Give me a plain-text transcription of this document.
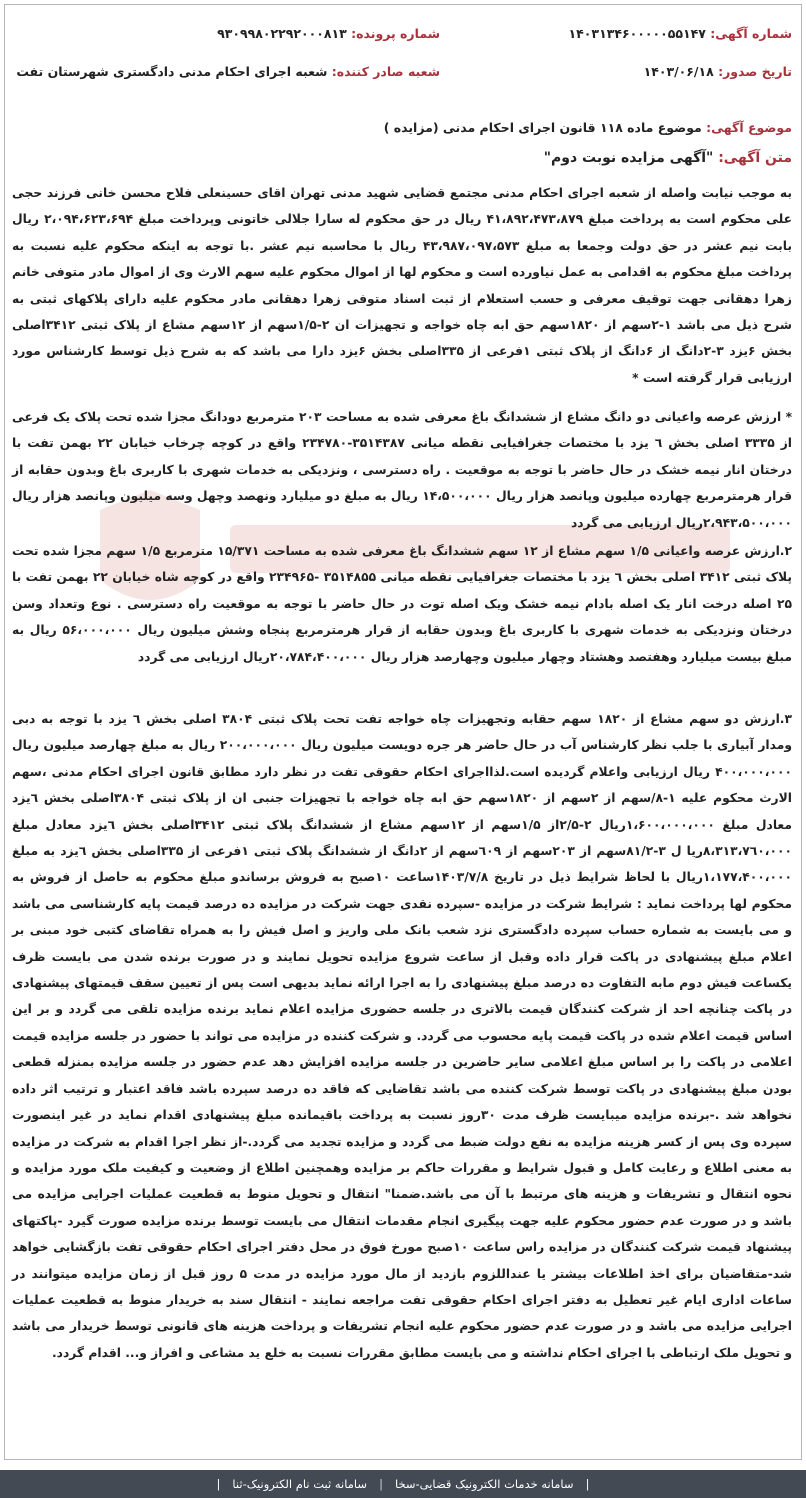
شماره آگهی: ۱۴۰۳۱۳۴۶۰۰۰۰۰۵۵۱۴۷
شماره پرونده: ۹۳۰۹۹۸۰۲۲۹۲۰۰۰۸۱۳
تاریخ صدور: ۱۴۰۳/۰۶/۱۸
شعبه صادر کننده: شعبه اجرای احکام مدنی دادگستری شهرستان تفت
موضوع آگهی: موضوع ماده ۱۱۸ قانون اجرای احکام مدنی (مزایده )
متن آگهی: "آگهی مزایده نوبت دوم"
به موجب نیابت واصله از شعبه اجرای احکام مدنی مجتمع قضایی شهید مدنی تهران اقای حسینعلی فلاح محسن خانی فرزند حجی علی محکوم است به پرداخت مبلغ ۴۱،۸۹۲،۴۷۳،۸۷۹ ریال در حق محکوم له سارا جلالی خاتونی وپرداخت مبلغ ۲،۰۹۴،۶۲۳،۶۹۴ ریال بابت نیم عشر در حق دولت وجمعا به مبلغ ۴۳،۹۸۷،۰۹۷،۵۷۳ ریال با محاسبه نیم عشر .با توجه به اینکه محکوم علیه نسبت به پرداخت مبلغ محکوم به اقدامی به عمل نیاورده است و محکوم لها از اموال محکوم علیه سهم الارث وی از اموال مادر متوفی خانم زهرا دهقانی جهت توقیف معرفی و حسب استعلام از ثبت اسناد متوفی زهرا دهقانی مادر محکوم علیه دارای پلاکهای ثبتی به شرح ذیل می باشد ۱-۲سهم از ۱۸۲۰سهم حق ابه چاه خواجه و تجهیزات ان ۲-۱/۵سهم از ۱۲سهم مشاع از پلاک ثبتی ۳۴۱۲اصلی بخش ۶یزد ۳-۲دانگ از ۶دانگ از پلاک ثبتی ۱فرعی از ۳۳۵اصلی بخش ۶یزد دارا می باشد که به شرح ذیل توسط کارشناس مورد ارزیابی قرار گرفته است *
* ارزش عرصه واعیانی دو دانگ مشاع از ششدانگ باغ معرفی شده به مساحت ۲۰۳ مترمربع دودانگ مجزا شده تحت پلاک یک فرعی از ۳۳۳۵ اصلی بخش ٦ یزد با مختصات جغرافیایی نقطه میانی ۳۵۱۴۳۸۷-۲۳۴۷۸۰ واقع در کوچه چرخاب خیابان ۲۲ بهمن تفت با درختان انار نیمه خشک در حال حاضر با توجه به موقعیت . راه دسترسی ، ونزدیکی به خدمات شهری با کاربری باغ وبدون حقابه از قرار هرمترمربع چهارده میلیون وپانصد هزار ریال ۱۴،۵۰۰،۰۰۰ ریال به مبلغ دو میلیارد ونهصد وچهل وسه میلیون وپانصد هزار ریال ۲،۹۴۳،۵۰۰،۰۰۰ریال ارزیابی می گردد
۲.ارزش عرصه واعیانی ۱/۵ سهم مشاع از ۱۲ سهم ششدانگ باغ معرفی شده به مساحت ۱۵/۳۷۱ مترمربع ۱/۵ سهم مجزا شده تحت پلاک ثبتی ۳۴۱۲ اصلی بخش ٦ یزد با مختصات جغرافیایی نقطه میانی ۳۵۱۴۸۵۵ -۲۳۴۹۶۵ واقع در کوچه شاه خیابان ۲۲ بهمن تفت با ۲۵ اصله درخت انار یک اصله بادام نیمه خشک ویک اصله توت در حال حاضر با توجه به موقعیت راه دسترسی . نوع وتعداد وسن درختان ونزدیکی به خدمات شهری با کاربری باغ وبدون حقابه از قرار هرمترمربع پنجاه وشش میلیون ریال ۵۶،۰۰۰،۰۰۰ ریال به مبلغ بیست میلیارد وهفتصد وهشتاد وچهار میلیون وچهارصد هزار ریال ۲۰،۷۸۴،۴۰۰،۰۰۰ریال ارزیابی می گردد
۳.ارزش دو سهم مشاع از ۱۸۲۰ سهم حقابه وتجهیزات چاه خواجه تفت تحت پلاک ثبتی ۳۸۰۴ اصلی بخش ٦ یزد با توجه به دبی ومدار آبیاری با جلب نظر کارشناس آب در حال حاضر هر جره دویست میلیون ریال ۲۰۰،۰۰۰،۰۰۰ ریال به مبلغ چهارصد میلیون ریال ۴۰۰،۰۰۰،۰۰۰ ریال ارزیابی واعلام گردیده است.لذااجرای احکام حقوقی تفت در نظر دارد مطابق قانون اجرای احکام مدنی ،سهم الارث محکوم علیه ۱-۸/سهم از ۲سهم از ۱۸۲۰سهم حق ابه چاه خواجه با تجهیزات جنبی ان از پلاک ثبتی ۳۸۰۴اصلی بخش ٦یزد معادل مبلغ ۱،۶۰۰،۰۰۰،۰۰۰ریال ۲-۲/۵از ۱/۵سهم از ۱۲سهم مشاع از ششدانگ پلاک ثبتی ۳۴۱۲اصلی بخش ٦یزد معادل مبلغ ۸،۳۱۳،۷٦۰،۰۰۰ریا ل ۳-۸۱/۲سهم از ۲۰۳سهم از ٦۰۹سهم از ۲دانگ از ششدانگ پلاک ثبتی ۱فرعی از ۳۳۵اصلی بخش ٦یزد به مبلغ ۱،۱۷۷،۴۰۰،۰۰۰ریال با لحاظ شرایط ذیل در تاریخ ۱۴۰۳/۷/۸ساعت ۱۰صبح به فروش برساندو مبلغ محکوم به حاصل از فروش به محکوم لها پرداخت نماید : شرایط شرکت در مزایده -سپرده نقدی جهت شرکت در مزایده ده درصد قیمت پایه کارشناسی می باشد و می بایست به شماره حساب سپرده دادگستری نزد شعب بانک ملی واریز و اصل فیش را به همراه تقاضای کتبی خود مبنی بر اعلام مبلغ پیشنهادی در پاکت قرار داده وقبل از ساعت شروع مزایده تحویل نمایند و در صورت برنده شدن می بایست ظرف یکساعت فیش دوم مابه التفاوت ده درصد مبلغ پیشنهادی را به اجرا ارائه نماید بدیهی است پس از تعیین سقف قیمتهای پیشنهادی در پاکت چنانچه احد از شرکت کنندگان قیمت بالاتری در جلسه حضوری مزایده اعلام نماید برنده مزایده تلقی می گردد و بر این اساس قیمت اعلام شده در پاکت قیمت پایه محسوب می گردد. و شرکت کننده در مزایده می تواند با حضور در جلسه مزایده قیمت اعلامی در پاکت را بر اساس مبلغ اعلامی سایر حاضرین در جلسه مزایده افزایش دهد عدم حضور در جلسه مزایده بمنزله قطعی بودن مبلغ پیشنهادی در پاکت توسط شرکت کننده می باشد تقاضایی که فاقد ده درصد سپرده باشد فاقد اعتبار و ترتیب اثر داده نخواهد شد .-برنده مزایده میبایست ظرف مدت ۳۰روز نسبت به پرداخت باقیمانده مبلغ پیشنهادی اقدام نماید در غیر اینصورت سپرده وی پس از کسر هزینه مزایده به نفع دولت ضبط می گردد و مزایده تجدید می گردد.-از نظر اجرا اقدام به شرکت در مزایده به معنی اطلاع و رعایت کامل و قبول شرایط و مقررات حاکم بر مزایده وهمچنین اطلاع از وضعیت و کیفیت ملک مورد مزایده و نحوه انتقال و تشریفات و هزینه های مرتبط با آن می باشد.ضمنا" انتقال و تحویل منوط به قطعیت عملیات اجرایی مزایده می باشد و در صورت عدم حضور محکوم علیه جهت پیگیری انجام مقدمات انتقال می بایست توسط برنده مزایده صورت گیرد -پاکتهای پیشنهاد قیمت شرکت کنندگان در مزایده راس ساعت ۱۰صبح مورخ فوق در محل دفتر اجرای احکام حقوقی تفت بازگشایی خواهد شد-متقاضیان برای اخذ اطلاعات بیشتر یا عنداللزوم بازدید از مال مورد مزایده در مدت ۵ روز قبل از زمان مزایده میتوانند در ساعات اداری ایام غیر تعطیل به دفتر اجرای احکام حقوقی تفت مراجعه نمایند - انتقال سند به خریدار منوط به قطعیت عملیات اجرایی مزایده می باشد و در صورت عدم حضور محکوم علیه انجام تشریفات و پرداخت هزینه های قانونی توسط خریدار می باشد و تحویل ملک ارتباطی با اجرای احکام نداشته و می بایست مطابق مقررات نسبت به خلع ید مشاعی و افراز و... اقدام گردد.
|
سامانه خدمات الکترونیک قضایی-سخا
|
سامانه ثبت نام الکترونیک-ثنا
|
